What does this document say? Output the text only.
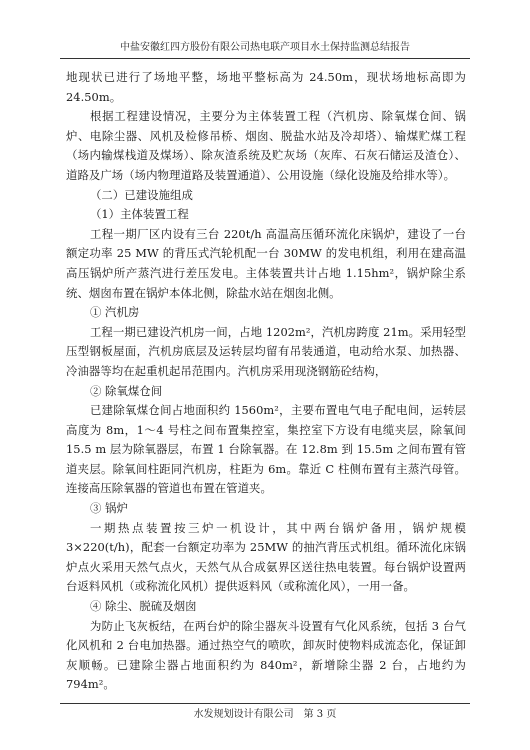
中盐安徽红四方股份有限公司热电联产项目水土保持监测总结报告

地现状已进行了场地平整，场地平整标高为 24.50m，现状场地标高即为 24.50m。

根据工程建设情况，主要分为主体装置工程（汽机房、除氧煤仓间、锅炉、电除尘器、风机及检修吊桥、烟囱、脱盐水站及冷却塔）、输煤贮煤工程（场内输煤栈道及煤场）、除灰渣系统及贮灰场（灰库、石灰石储运及渣仓）、道路及广场（场内物理道路及装置通道）、公用设施（绿化设施及给排水等）。

（二）已建设施组成

（1）主体装置工程

工程一期厂区内设有三台 220t/h 高温高压循环流化床锅炉，建设了一台额定功率 25 MW 的背压式汽轮机配一台 30MW 的发电机组，利用在建高温高压锅炉所产蒸汽进行差压发电。主体装置共计占地 1.15hm²，锅炉除尘系统、烟囱布置在锅炉本体北侧，除盐水站在烟囱北侧。

① 汽机房

工程一期已建设汽机房一间，占地 1202m²，汽机房跨度 21m。采用轻型压型钢板屋面，汽机房底层及运转层均留有吊装通道，电动给水泵、加热器、冷油器等均在起重机起吊范围内。汽机房采用现浇钢筋砼结构，

② 除氧煤仓间

已建除氧煤仓间占地面积约 1560m²，主要布置电气电子配电间，运转层高度为 8m，1～4 号柱之间布置集控室，集控室下方设有电缆夹层，除氧间 15.5 m 层为除氧器层，布置 1 台除氧器。在 12.8m 到 15.5m 之间布置有管道夹层。除氧间柱距同汽机房，柱距为 6m。靠近 C 柱侧布置有主蒸汽母管。连接高压除氧器的管道也布置在管道夹。

③ 锅炉

一期热点装置按三炉一机设计，其中两台锅炉备用，锅炉规模 3×220(t/h)，配套一台额定功率为 25MW 的抽汽背压式机组。循环流化床锅炉点火采用天然气点火，天然气从合成氨界区送往热电装置。每台锅炉设置两台返料风机（或称流化风机）提供返料风（或称流化风），一用一备。

④ 除尘、脱硫及烟囱

为防止飞灰板结，在两台炉的除尘器灰斗设置有气化风系统，包括 3 台气化风机和 2 台电加热器。通过热空气的喷吹，卸灰时使物料成流态化，保证卸灰顺畅。已建除尘器占地面积约为 840m²，新增除尘器 2 台，占地约为 794m²。

水发规划设计有限公司 第 3 页
